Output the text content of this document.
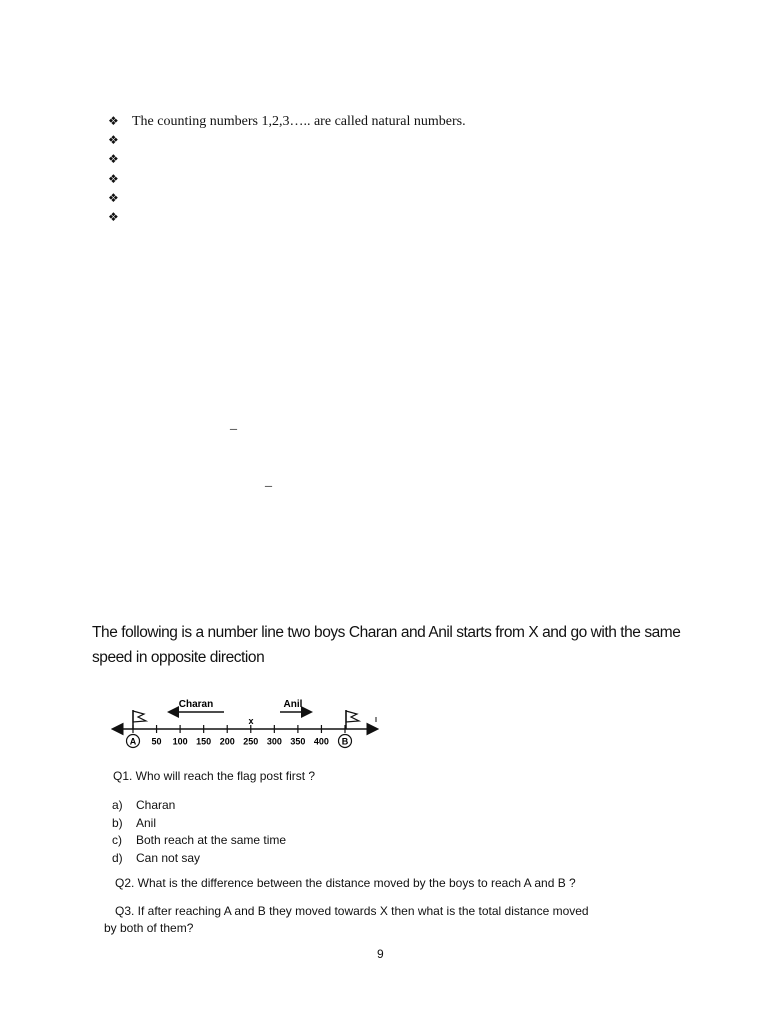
❖ The counting numbers 1,2,3….. are called natural numbers.
❖
❖
❖
❖
❖
_
_
The following is a number line two boys Charan and Anil starts from X and go with the same speed in opposite direction
Charan	Anil
x
A	B
50 100 150 200 250 300 350 400
Q1. Who will reach the flag post first ?
a) Charan
b) Anil
c) Both reach at the same time
d) Can not say
Q2. What is the difference between the distance moved by the boys to reach A and B ?
Q3. If after reaching A and B they moved towards X then what is the total distance moved
by both of them?
9
